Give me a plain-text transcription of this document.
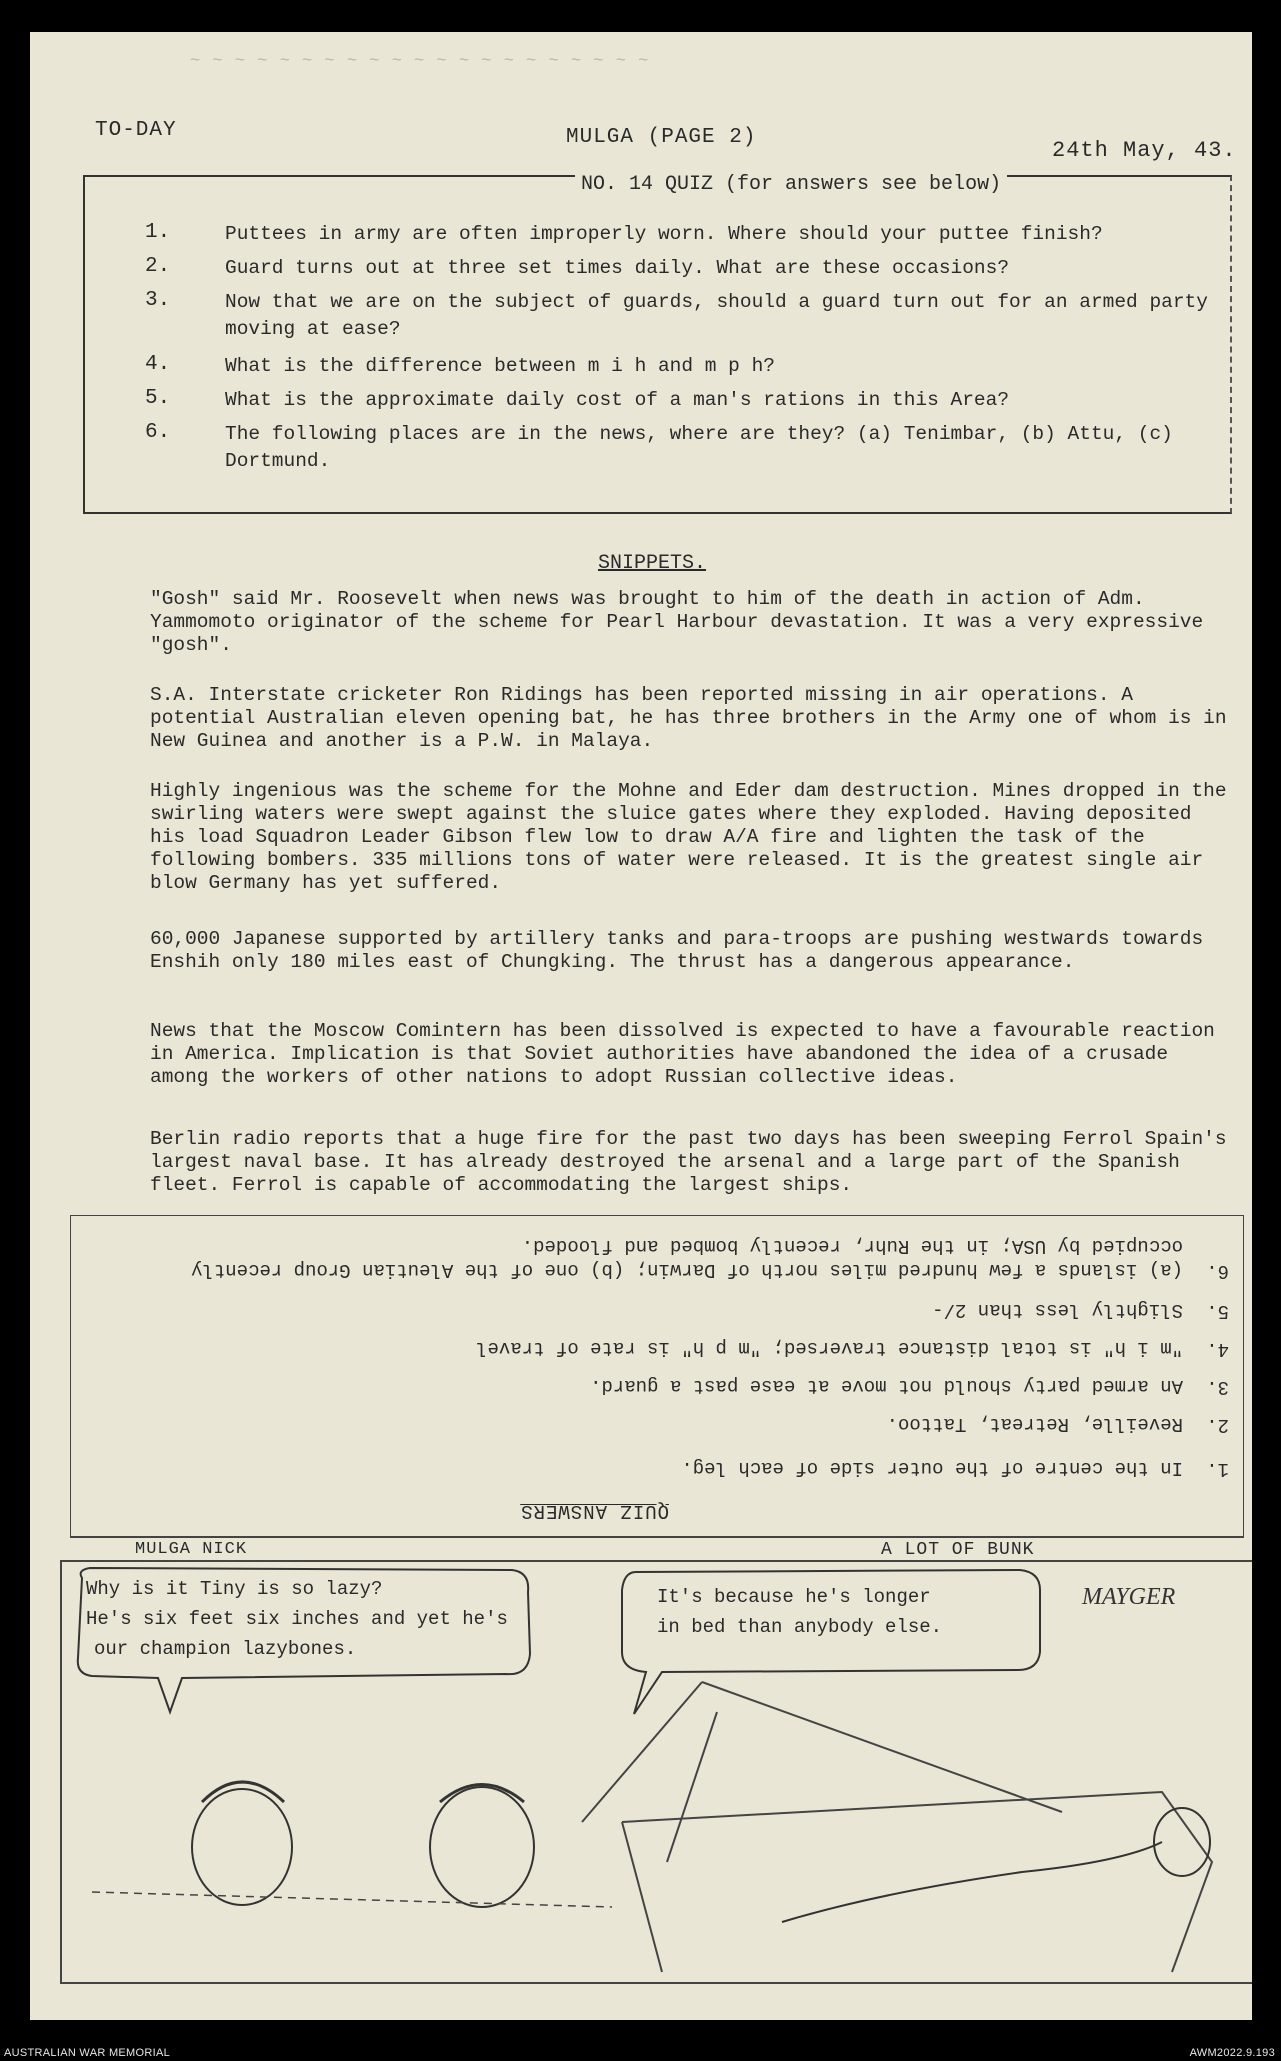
~ ~ ~ ~ ~ ~ ~ ~ ~ ~ ~ ~ ~ ~ ~ ~ ~ ~ ~ ~ ~
TO-DAY	MULGA (PAGE 2)
24th May, 43.
NO. 14 QUIZ (for answers see below)
1.	Puttees in army are often improperly worn. Where should your puttee finish?
2.	Guard turns out at three set times daily. What are these occasions?
3.	Now that we are on the subject of guards, should a guard turn out for an armed party moving at ease?
4.	What is the difference between m i h and m p h?
5.	What is the approximate daily cost of a man's rations in this Area?
6.	The following places are in the news, where are they? (a) Tenimbar, (b) Attu, (c) Dortmund.
SNIPPETS.
"Gosh" said Mr. Roosevelt when news was brought to him of the death in action of Adm. Yammomoto originator of the scheme for Pearl Harbour devastation. It was a very expressive "gosh".
S.A. Interstate cricketer Ron Ridings has been reported missing in air operations. A potential Australian eleven opening bat, he has three brothers in the Army one of whom is in New Guinea and another is a P.W. in Malaya.
Highly ingenious was the scheme for the Mohne and Eder dam destruction. Mines dropped in the swirling waters were swept against the sluice gates where they exploded. Having deposited his load Squadron Leader Gibson flew low to draw A/A fire and lighten the task of the following bombers. 335 millions tons of water were released. It is the greatest single air blow Germany has yet suffered.
60,000 Japanese supported by artillery tanks and para-troops are pushing westwards towards Enshih only 180 miles east of Chungking. The thrust has a dangerous appearance.
News that the Moscow Comintern has been dissolved is expected to have a favourable reaction in America. Implication is that Soviet authorities have abandoned the idea of a crusade among the workers of other nations to adopt Russian collective ideas.
Berlin radio reports that a huge fire for the past two days has been sweeping Ferrol Spain's largest naval base. It has already destroyed the arsenal and a large part of the Spanish fleet. Ferrol is capable of accommodating the largest ships.
QUIZ ANSWERS
1.
In the centre of the outer side of each leg.
2.
Reveille, Retreat, Tattoo.
3.
An armed party should not move at ease past a guard.
4.
"m i h" is total distance traversed; "m p h" is rate of travel
5.
Slightly less than 2/-
6.
(a) islands a few hundred miles north of Darwin; (b) one of the Aleutian Group recently occupied by USA; in the Ruhr, recently bombed and flooded.
MULGA NICK	A LOT OF BUNK
MAYGER
Why is it Tiny is so lazy?
He's six feet six inches and yet he's
our champion lazybones.
It's because he's longer
in bed than anybody else.
AUSTRALIAN WAR MEMORIAL	AWM2022.9.193
